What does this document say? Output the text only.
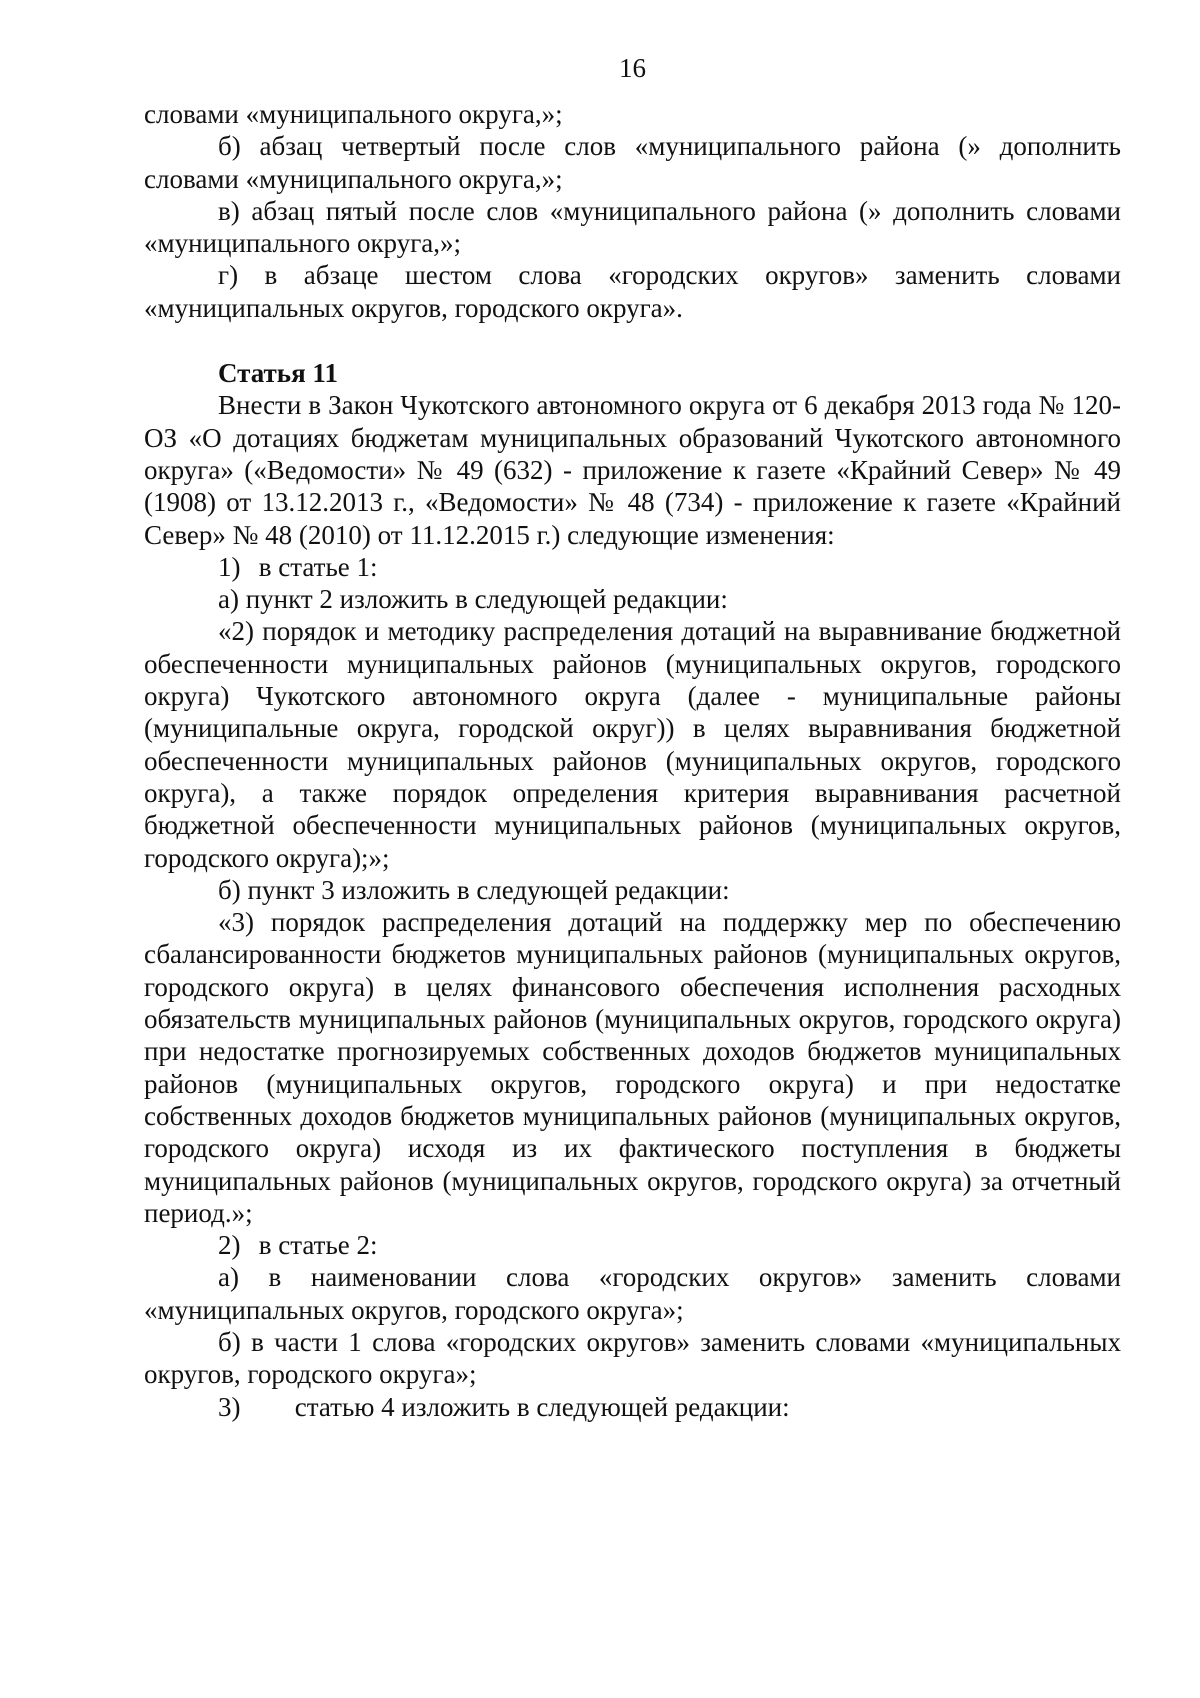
16

словами «муниципального округа,»;

б) абзац четвертый после слов «муниципального района (» дополнить словами «муниципального округа,»;

в) абзац пятый после слов «муниципального района (» дополнить словами «муниципального округа,»;

г) в абзаце шестом слова «городских округов» заменить словами «муниципальных округов, городского округа».

Статья 11

Внести в Закон Чукотского автономного округа от 6 декабря 2013 года № 120-ОЗ «О дотациях бюджетам муниципальных образований Чукотского автономного округа» («Ведомости» № 49 (632) - приложение к газете «Крайний Север» № 49 (1908) от 13.12.2013 г., «Ведомости» № 48 (734) - приложение к газете «Крайний Север» № 48 (2010) от 11.12.2015 г.) следующие изменения:

1) в статье 1:

а) пункт 2 изложить в следующей редакции:

«2) порядок и методику распределения дотаций на выравнивание бюджетной обеспеченности муниципальных районов (муниципальных округов, городского округа) Чукотского автономного округа (далее - муниципальные районы (муниципальные округа, городской округ)) в целях выравнивания бюджетной обеспеченности муниципальных районов (муниципальных округов, городского округа), а также порядок определения критерия выравнивания расчетной бюджетной обеспеченности муниципальных районов (муниципальных округов, городского округа);»;

б) пункт 3 изложить в следующей редакции:

«3) порядок распределения дотаций на поддержку мер по обеспечению сбалансированности бюджетов муниципальных районов (муниципальных округов, городского округа) в целях финансового обеспечения исполнения расходных обязательств муниципальных районов (муниципальных округов, городского округа) при недостатке прогнозируемых собственных доходов бюджетов муниципальных районов (муниципальных округов, городского округа) и при недостатке собственных доходов бюджетов муниципальных районов (муниципальных округов, городского округа) исходя из их фактического поступления в бюджеты муниципальных районов (муниципальных округов, городского округа) за отчетный период.»;

2) в статье 2:

а) в наименовании слова «городских округов» заменить словами «муниципальных округов, городского округа»;

б) в части 1 слова «городских округов» заменить словами «муниципальных округов, городского округа»;

3) статью 4 изложить в следующей редакции:
